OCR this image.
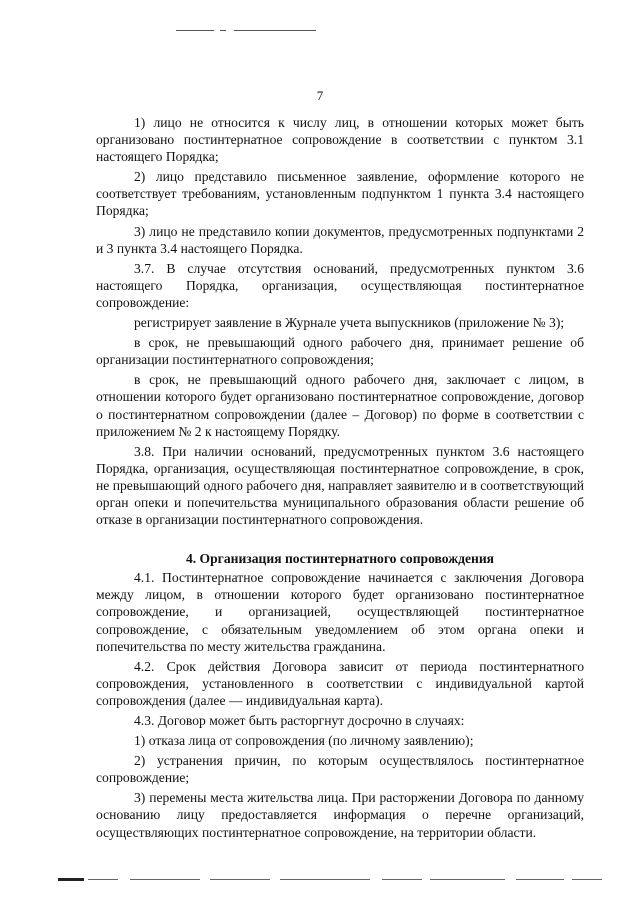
7

1) лицо не относится к числу лиц, в отношении которых может быть организовано постинтернатное сопровождение в соответствии с пунктом 3.1 настоящего Порядка;

2) лицо представило письменное заявление, оформление которого не соответствует требованиям, установленным подпунктом 1 пункта 3.4 настоящего Порядка;

3) лицо не представило копии документов, предусмотренных подпунктами 2 и 3 пункта 3.4 настоящего Порядка.

3.7. В случае отсутствия оснований, предусмотренных пунктом 3.6 настоящего Порядка, организация, осуществляющая постинтернатное сопровождение:

регистрирует заявление в Журнале учета выпускников (приложение № 3);

в срок, не превышающий одного рабочего дня, принимает решение об организации постинтернатного сопровождения;

в срок, не превышающий одного рабочего дня, заключает с лицом, в отношении которого будет организовано постинтернатное сопровождение, договор о постинтернатном сопровождении (далее – Договор) по форме в соответствии с приложением № 2 к настоящему Порядку.

3.8. При наличии оснований, предусмотренных пунктом 3.6 настоящего Порядка, организация, осуществляющая постинтернатное сопровождение, в срок, не превышающий одного рабочего дня, направляет заявителю и в соответствующий орган опеки и попечительства муниципального образования области решение об отказе в организации постинтернатного сопровождения.

4. Организация постинтернатного сопровождения

4.1. Постинтернатное сопровождение начинается с заключения Договора между лицом, в отношении которого будет организовано постинтернатное сопровождение, и организацией, осуществляющей постинтернатное сопровождение, с обязательным уведомлением об этом органа опеки и попечительства по месту жительства гражданина.

4.2. Срок действия Договора зависит от периода постинтернатного сопровождения, установленного в соответствии с индивидуальной картой сопровождения (далее — индивидуальная карта).

4.3. Договор может быть расторгнут досрочно в случаях:

1) отказа лица от сопровождения (по личному заявлению);

2) устранения причин, по которым осуществлялось постинтернатное сопровождение;

3) перемены места жительства лица. При расторжении Договора по данному основанию лицу предоставляется информация о перечне организаций, осуществляющих постинтернатное сопровождение, на территории области.
